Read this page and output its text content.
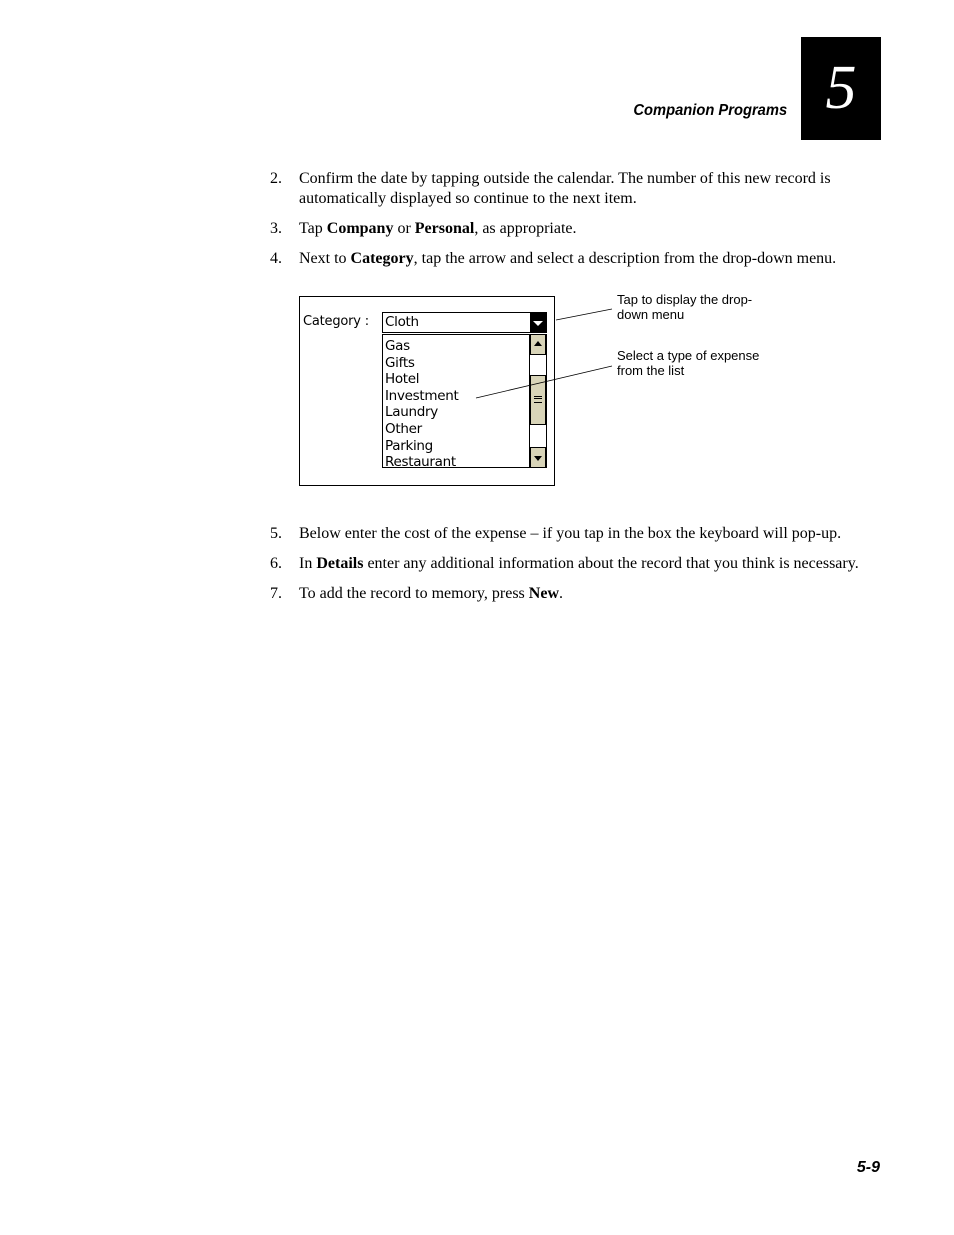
Companion Programs 5
2.	Confirm the date by tapping outside the calendar. The number of this new record is automatically displayed so continue to the next item.
3.	Tap Company or Personal, as appropriate.
4.	Next to Category, tap the arrow and select a description from the drop-down menu.
Category : Cloth
Restaurant
Parking
Other
Laundry
Investment
Hotel
Gifts
Gas
Tap to display the drop-down menu
Select a type of expense from the list
5.	Below enter the cost of the expense – if you tap in the box the keyboard will pop-up.
6.	In Details enter any additional information about the record that you think is necessary.
7.	To add the record to memory, press New.
5-9
